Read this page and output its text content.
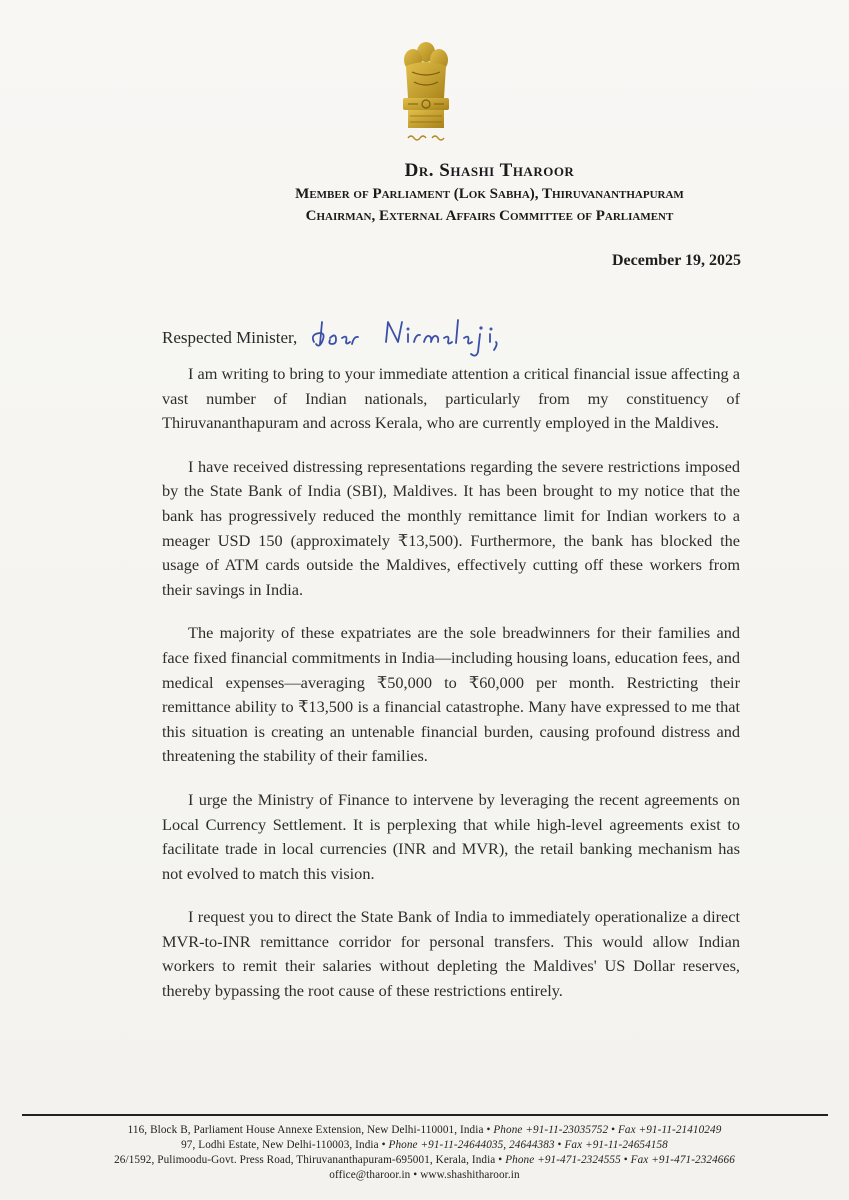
Dr. Shashi Tharoor
Member of Parliament (Lok Sabha), Thiruvananthapuram
Chairman, External Affairs Committee of Parliament
December 19, 2025
Respected Minister,

I am writing to bring to your immediate attention a critical financial issue affecting a vast number of Indian nationals, particularly from my constituency of Thiruvananthapuram and across Kerala, who are currently employed in the Maldives.

I have received distressing representations regarding the severe restrictions imposed by the State Bank of India (SBI), Maldives. It has been brought to my notice that the bank has progressively reduced the monthly remittance limit for Indian workers to a meager USD 150 (approximately ₹13,500). Furthermore, the bank has blocked the usage of ATM cards outside the Maldives, effectively cutting off these workers from their savings in India.

The majority of these expatriates are the sole breadwinners for their families and face fixed financial commitments in India—including housing loans, education fees, and medical expenses—averaging ₹50,000 to ₹60,000 per month. Restricting their remittance ability to ₹13,500 is a financial catastrophe. Many have expressed to me that this situation is creating an untenable financial burden, causing profound distress and threatening the stability of their families.

I urge the Ministry of Finance to intervene by leveraging the recent agreements on Local Currency Settlement. It is perplexing that while high-level agreements exist to facilitate trade in local currencies (INR and MVR), the retail banking mechanism has not evolved to match this vision.

I request you to direct the State Bank of India to immediately operationalize a direct MVR-to-INR remittance corridor for personal transfers. This would allow Indian workers to remit their salaries without depleting the Maldives' US Dollar reserves, thereby bypassing the root cause of these restrictions entirely.

116, Block B, Parliament House Annexe Extension, New Delhi-110001, India • Phone +91-11-23035752 • Fax +91-11-21410249
97, Lodhi Estate, New Delhi-110003, India • Phone +91-11-24644035, 24644383 • Fax +91-11-24654158
26/1592, Pulimoodu-Govt. Press Road, Thiruvananthapuram-695001, Kerala, India • Phone +91-471-2324555 • Fax +91-471-2324666
office@tharoor.in • www.shashitharoor.in
